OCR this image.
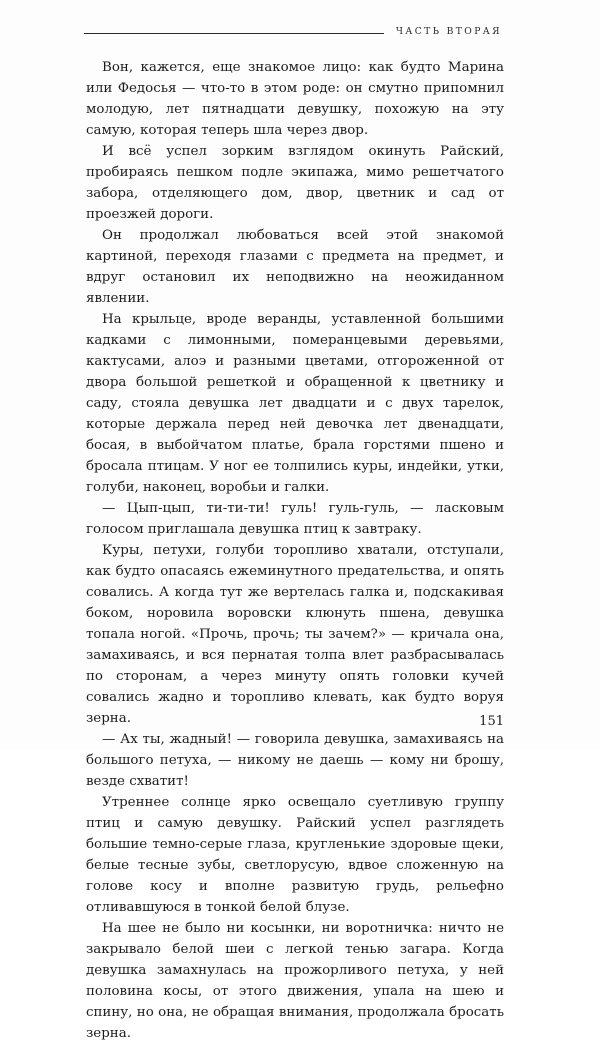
ЧАСТЬ ВТОРАЯ

Вон, кажется, еще знакомое лицо: как будто Марина или Федосья — что-то в этом роде: он смутно припомнил молодую, лет пятнадцати девушку, похожую на эту самую, которая теперь шла через двор.

И всё успел зорким взглядом окинуть Райский, пробираясь пешком подле экипажа, мимо решетчатого забора, отделяющего дом, двор, цветник и сад от проезжей дороги.

Он продолжал любоваться всей этой знакомой картиной, переходя глазами с предмета на предмет, и вдруг остановил их неподвижно на неожиданном явлении.

На крыльце, вроде веранды, уставленной большими кадками с лимонными, померанцевыми деревьями, кактусами, алоэ и разными цветами, отгороженной от двора большой решеткой и обращенной к цветнику и саду, стояла девушка лет двадцати и с двух тарелок, которые держала перед ней девочка лет двенадцати, босая, в выбойчатом платье, брала горстями пшено и бросала птицам. У ног ее толпились куры, индейки, утки, голуби, наконец, воробьи и галки.

— Цып-цып, ти-ти-ти! гуль! гуль-гуль, — ласковым голосом приглашала девушка птиц к завтраку.

Куры, петухи, голуби торопливо хватали, отступали, как будто опасаясь ежеминутного предательства, и опять совались. А когда тут же вертелась галка и, подскакивая боком, норовила воровски клюнуть пшена, девушка топала ногой. «Прочь, прочь; ты зачем?» — кричала она, замахиваясь, и вся пернатая толпа влет разбрасывалась по сторонам, а через минуту опять головки кучей совались жадно и торопливо клевать, как будто воруя зерна.

— Ах ты, жадный! — говорила девушка, замахиваясь на большого петуха, — никому не даешь — кому ни брошу, везде схватит!

Утреннее солнце ярко освещало суетливую группу птиц и самую девушку. Райский успел разглядеть большие темно-серые глаза, кругленькие здоровые щеки, белые тесные зубы, светлорусую, вдвое сложенную на голове косу и вполне развитую грудь, рельефно отливавшуюся в тонкой белой блузе.

На шее не было ни косынки, ни воротничка: ничто не закрывало белой шеи с легкой тенью загара. Когда девушка замахнулась на прожорливого петуха, у ней половина косы, от этого движения, упала на шею и спину, но она, не обращая внимания, продолжала бросать зерна.

151
